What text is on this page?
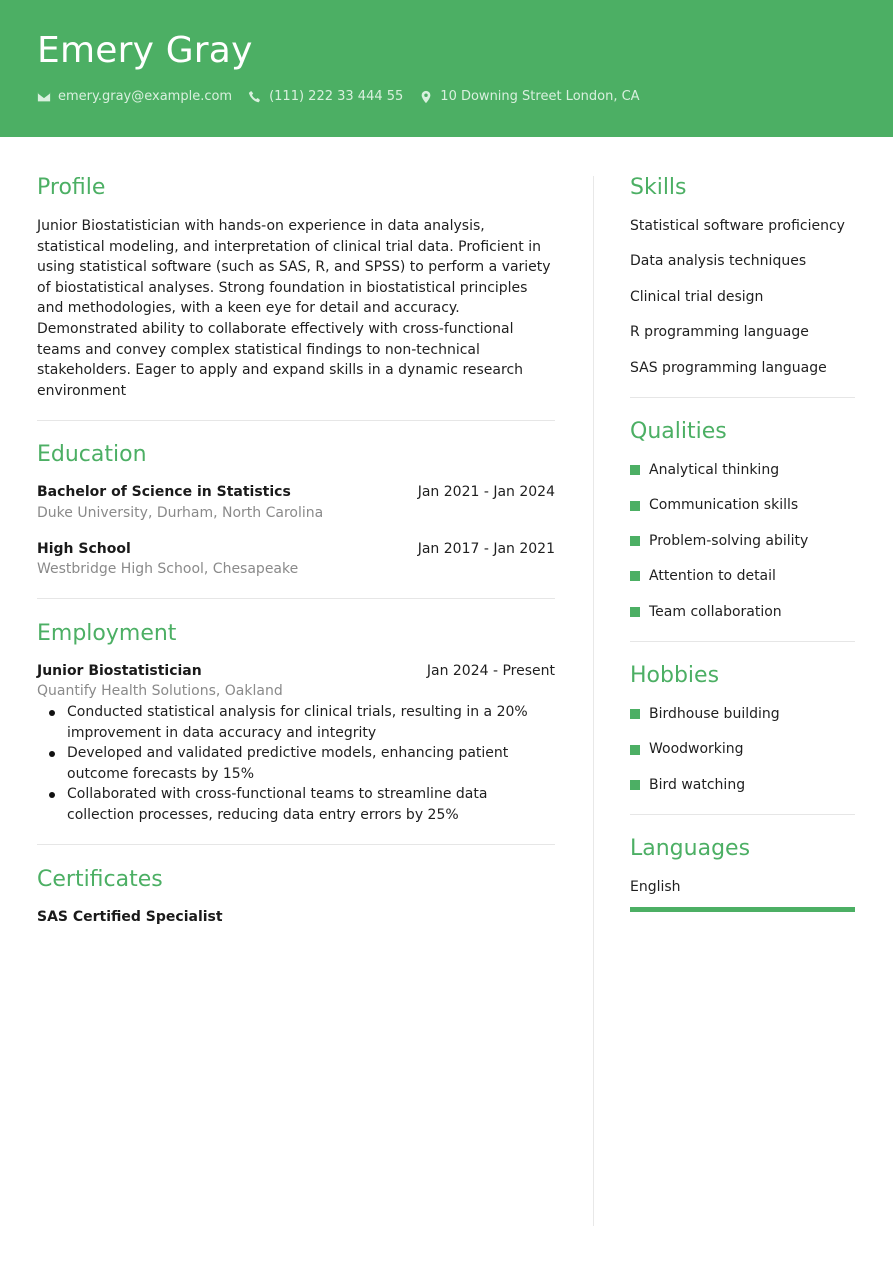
Emery Gray
emery.gray@example.com	(111) 222 33 444 55	10 Downing Street London, CA
Profile

Junior Biostatistician with hands-on experience in data analysis, statistical modeling, and interpretation of clinical trial data. Proficient in using statistical software (such as SAS, R, and SPSS) to perform a variety of biostatistical analyses. Strong foundation in biostatistical principles and methodologies, with a keen eye for detail and accuracy. Demonstrated ability to collaborate effectively with cross-functional teams and convey complex statistical findings to non-technical stakeholders. Eager to apply and expand skills in a dynamic research environment

Education
Bachelor of Science in Statistics	Jan 2021 - Jan 2024
Duke University, Durham, North Carolina
High School	Jan 2017 - Jan 2021
Westbridge High School, Chesapeake
Employment
Junior Biostatistician	Jan 2024 - Present
Quantify Health Solutions, Oakland
Conducted statistical analysis for clinical trials, resulting in a 20% improvement in data accuracy and integrity
Developed and validated predictive models, enhancing patient outcome forecasts by 15%
Collaborated with cross-functional teams to streamline data collection processes, reducing data entry errors by 25%
Certificates
SAS Certified Specialist
Skills
Statistical software proficiency
Data analysis techniques
Clinical trial design
R programming language
SAS programming language
Qualities
Analytical thinking
Communication skills
Problem-solving ability
Attention to detail
Team collaboration
Hobbies
Birdhouse building
Woodworking
Bird watching
Languages
English
